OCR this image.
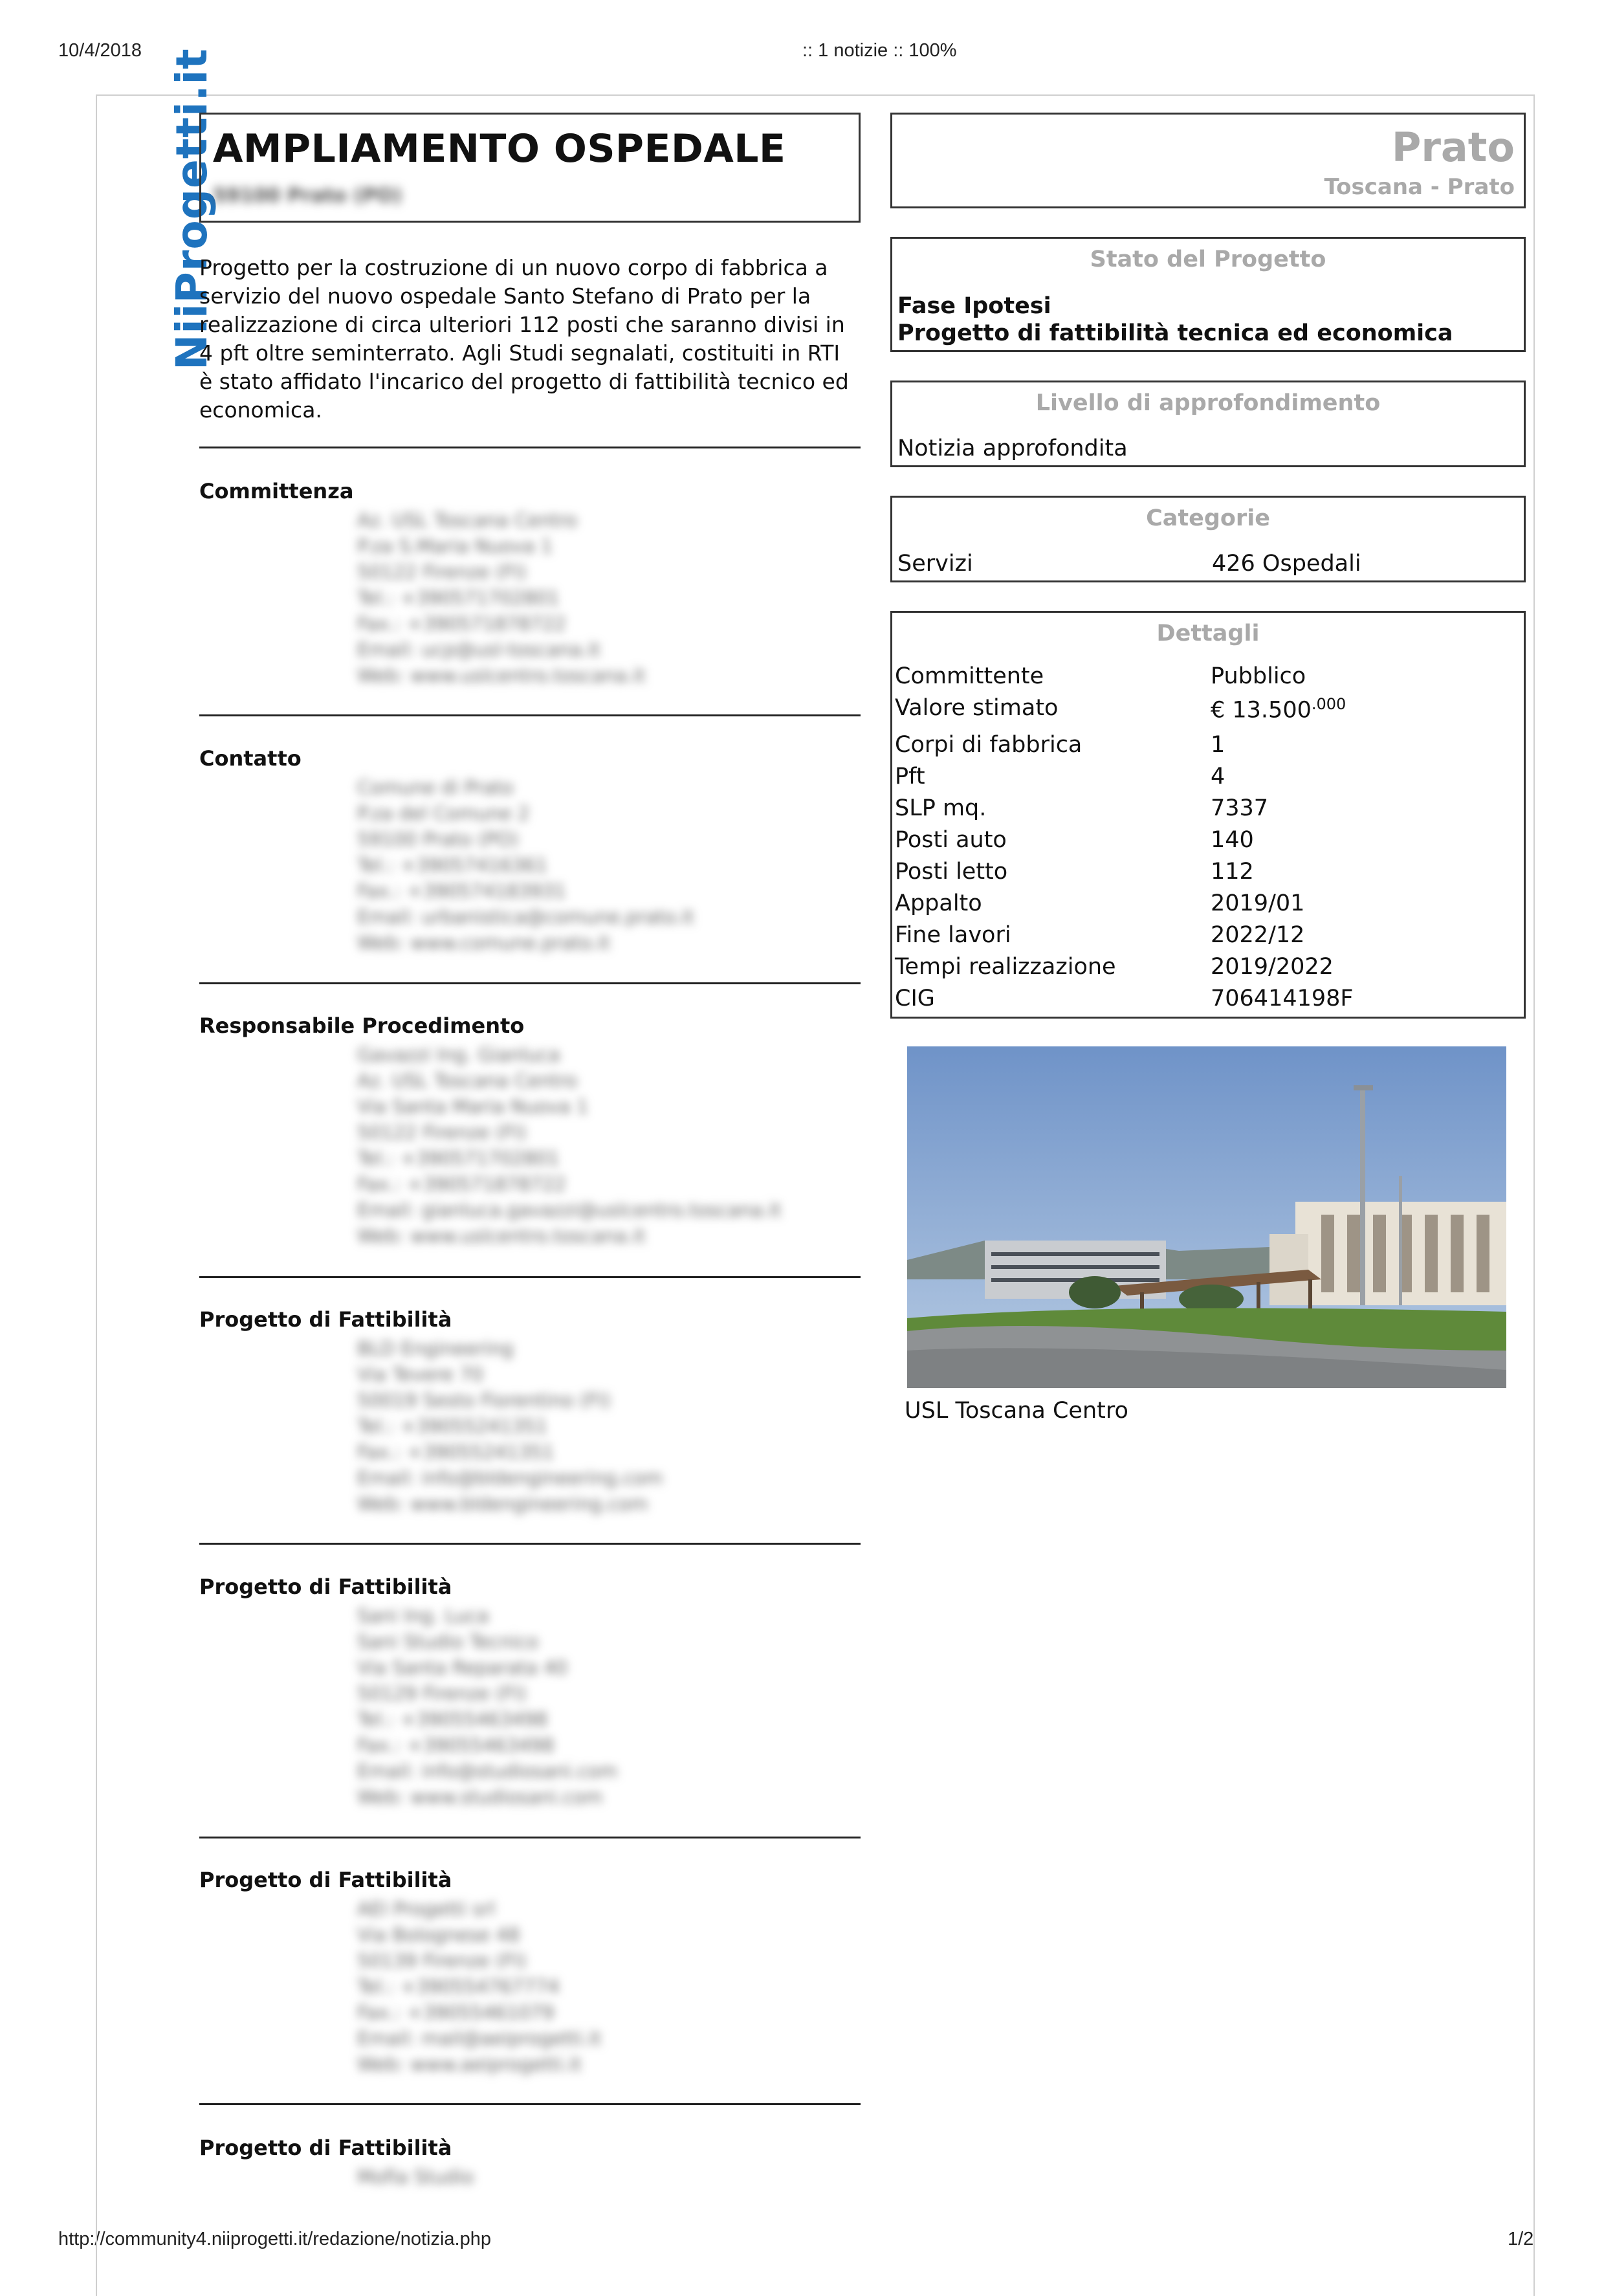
10/4/2018	:: 1 notizie :: 100%
http://community4.niiprogetti.it/redazione/notizia.php	1/2
NiiProgetti.it
AMPLIAMENTO OSPEDALE
59100 Prato (PO)
Progetto per la costruzione di un nuovo corpo di fabbrica a servizio del nuovo ospedale Santo Stefano di Prato per la realizzazione di circa ulteriori 112 posti che saranno divisi in 4 pft oltre seminterrato. Agli Studi segnalati, costituiti in RTI è stato affidato l'incarico del progetto di fattibilità tecnico ed economica.
Committenza
Az. USL Toscana Centro
P.za S.Maria Nuova 1
50122 Firenze (FI)
Tel.: +390571702801
Fax.: +390571878722
Email: ucp@usl-toscana.it
Web: www.uslcentro.toscana.it
Contatto
Comune di Prato
P.za del Comune 2
59100 Prato (PO)
Tel.: +39057416361
Fax.: +390574183931
Email: urbanistica@comune.prato.it
Web: www.comune.prato.it
Responsabile Procedimento
Gavazzi Ing. Gianluca
Az. USL Toscana Centro
Via Santa Maria Nuova 1
50122 Firenze (FI)
Tel.: +390571702801
Fax.: +390571878722
Email: gianluca.gavazzi@uslcentro.toscana.it
Web: www.uslcentro.toscana.it
Progetto di Fattibilità
BLD Engineering
Via Tevere 70
50019 Sesto Fiorentino (FI)
Tel.: +39055241351
Fax.: +39055241351
Email: info@bldengineering.com
Web: www.bldengineering.com
Progetto di Fattibilità
Sani Ing. Luca
Sani Studio Tecnico
Via Santa Reparata 40
50129 Firenze (FI)
Tel.: +39055463498
Fax.: +39055463498
Email: info@studiosani.com
Web: www.studiosani.com
Progetto di Fattibilità
AEI Progetti srl
Via Bolognese 48
50139 Firenze (FI)
Tel.: +390554767774
Fax.: +39055461079
Email: mail@aeiprogetti.it
Web: www.aeiprogetti.it
Progetto di Fattibilità
Mofia Studio
Prato
Toscana - Prato
Stato del Progetto
Fase Ipotesi
Progetto di fattibilità tecnica ed economica
Livello di approfondimento
Notizia approfondita
Categorie
Servizi	426 Ospedali
Dettagli
Committente	Pubblico
Valore stimato	€ $13.500^{.000}$
Corpi di fabbrica	1
Pft	4
SLP mq.	7337
Posti auto	140
Posti letto	112
Appalto	2019/01
Fine lavori	2022/12
Tempi realizzazione	2019/2022
CIG	706414198F
USL Toscana Centro
